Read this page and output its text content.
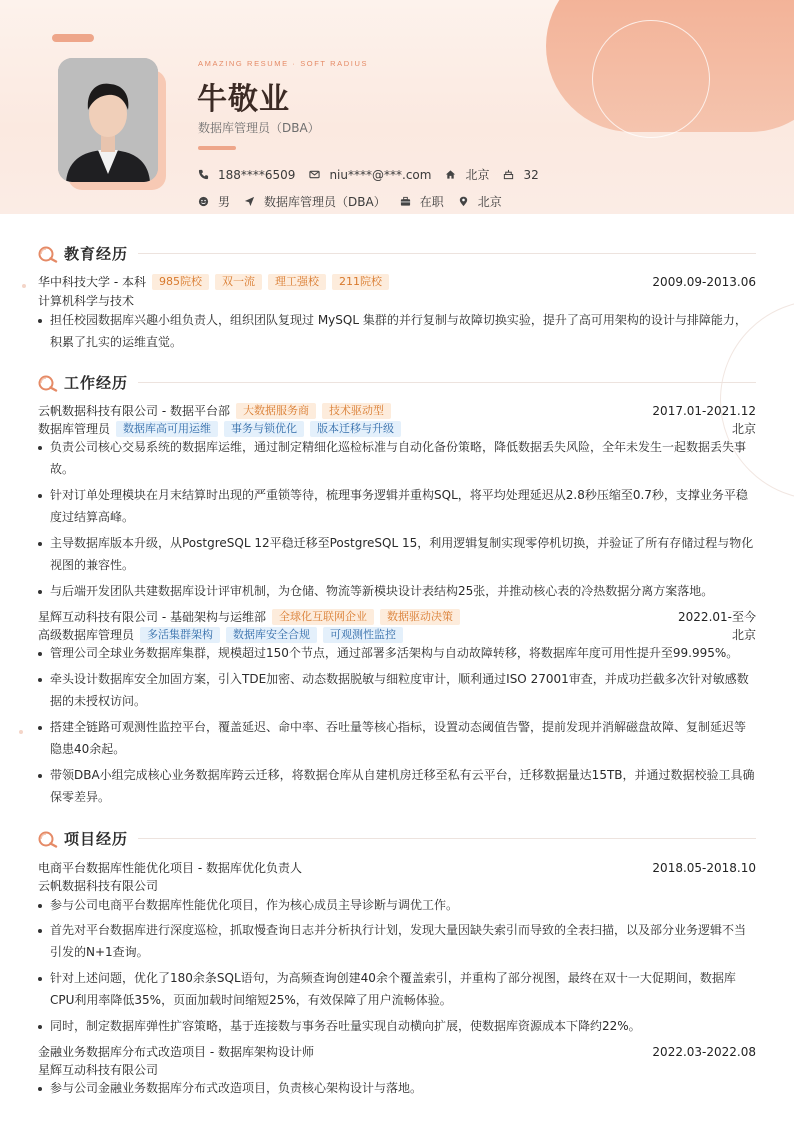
AMAZING RESUME · SOFT RADIUS
牛敬业
数据库管理员（DBA）
188****6509	niu****@***.com	北京	32
男	数据库管理员（DBA）	在职	北京
教育经历
华中科技大学 - 本科	985院校	双一流	理工强校	211院校	2009.09-2013.06
计算机科学与技术
担任校园数据库兴趣小组负责人，组织团队复现过 MySQL 集群的并行复制与故障切换实验，提升了高可用架构的设计与排障能力，积累了扎实的运维直觉。
工作经历
云帆数据科技有限公司 - 数据平台部	大数据服务商	技术驱动型	2017.01-2021.12
数据库管理员	数据库高可用运维	事务与锁优化	版本迁移与升级	北京
负责公司核心交易系统的数据库运维，通过制定精细化巡检标准与自动化备份策略，降低数据丢失风险，全年未发生一起数据丢失事故。
针对订单处理模块在月末结算时出现的严重锁等待，梳理事务逻辑并重构SQL，将平均处理延迟从2.8秒压缩至0.7秒，支撑业务平稳度过结算高峰。
主导数据库版本升级，从PostgreSQL 12平稳迁移至PostgreSQL 15，利用逻辑复制实现零停机切换，并验证了所有存储过程与物化视图的兼容性。
与后端开发团队共建数据库设计评审机制，为仓储、物流等新模块设计表结构25张，并推动核心表的冷热数据分离方案落地。
星辉互动科技有限公司 - 基础架构与运维部	全球化互联网企业	数据驱动决策	2022.01-至今
高级数据库管理员	多活集群架构	数据库安全合规	可观测性监控	北京
管理公司全球业务数据库集群，规模超过150个节点，通过部署多活架构与自动故障转移，将数据库年度可用性提升至99.995%。
牵头设计数据库安全加固方案，引入TDE加密、动态数据脱敏与细粒度审计，顺利通过ISO 27001审查，并成功拦截多次针对敏感数据的未授权访问。
搭建全链路可观测性监控平台，覆盖延迟、命中率、吞吐量等核心指标，设置动态阈值告警，提前发现并消解磁盘故障、复制延迟等隐患40余起。
带领DBA小组完成核心业务数据库跨云迁移，将数据仓库从自建机房迁移至私有云平台，迁移数据量达15TB，并通过数据校验工具确保零差异。
项目经历
电商平台数据库性能优化项目 - 数据库优化负责人	2018.05-2018.10
云帆数据科技有限公司
参与公司电商平台数据库性能优化项目，作为核心成员主导诊断与调优工作。
首先对平台数据库进行深度巡检，抓取慢查询日志并分析执行计划，发现大量因缺失索引而导致的全表扫描，以及部分业务逻辑不当引发的N+1查询。
针对上述问题，优化了180余条SQL语句，为高频查询创建40余个覆盖索引，并重构了部分视图，最终在双十一大促期间，数据库CPU利用率降低35%，页面加载时间缩短25%，有效保障了用户流畅体验。
同时，制定数据库弹性扩容策略，基于连接数与事务吞吐量实现自动横向扩展，使数据库资源成本下降约22%。
金融业务数据库分布式改造项目 - 数据库架构设计师	2022.03-2022.08
星辉互动科技有限公司
参与公司金融业务数据库分布式改造项目，负责核心架构设计与落地。
